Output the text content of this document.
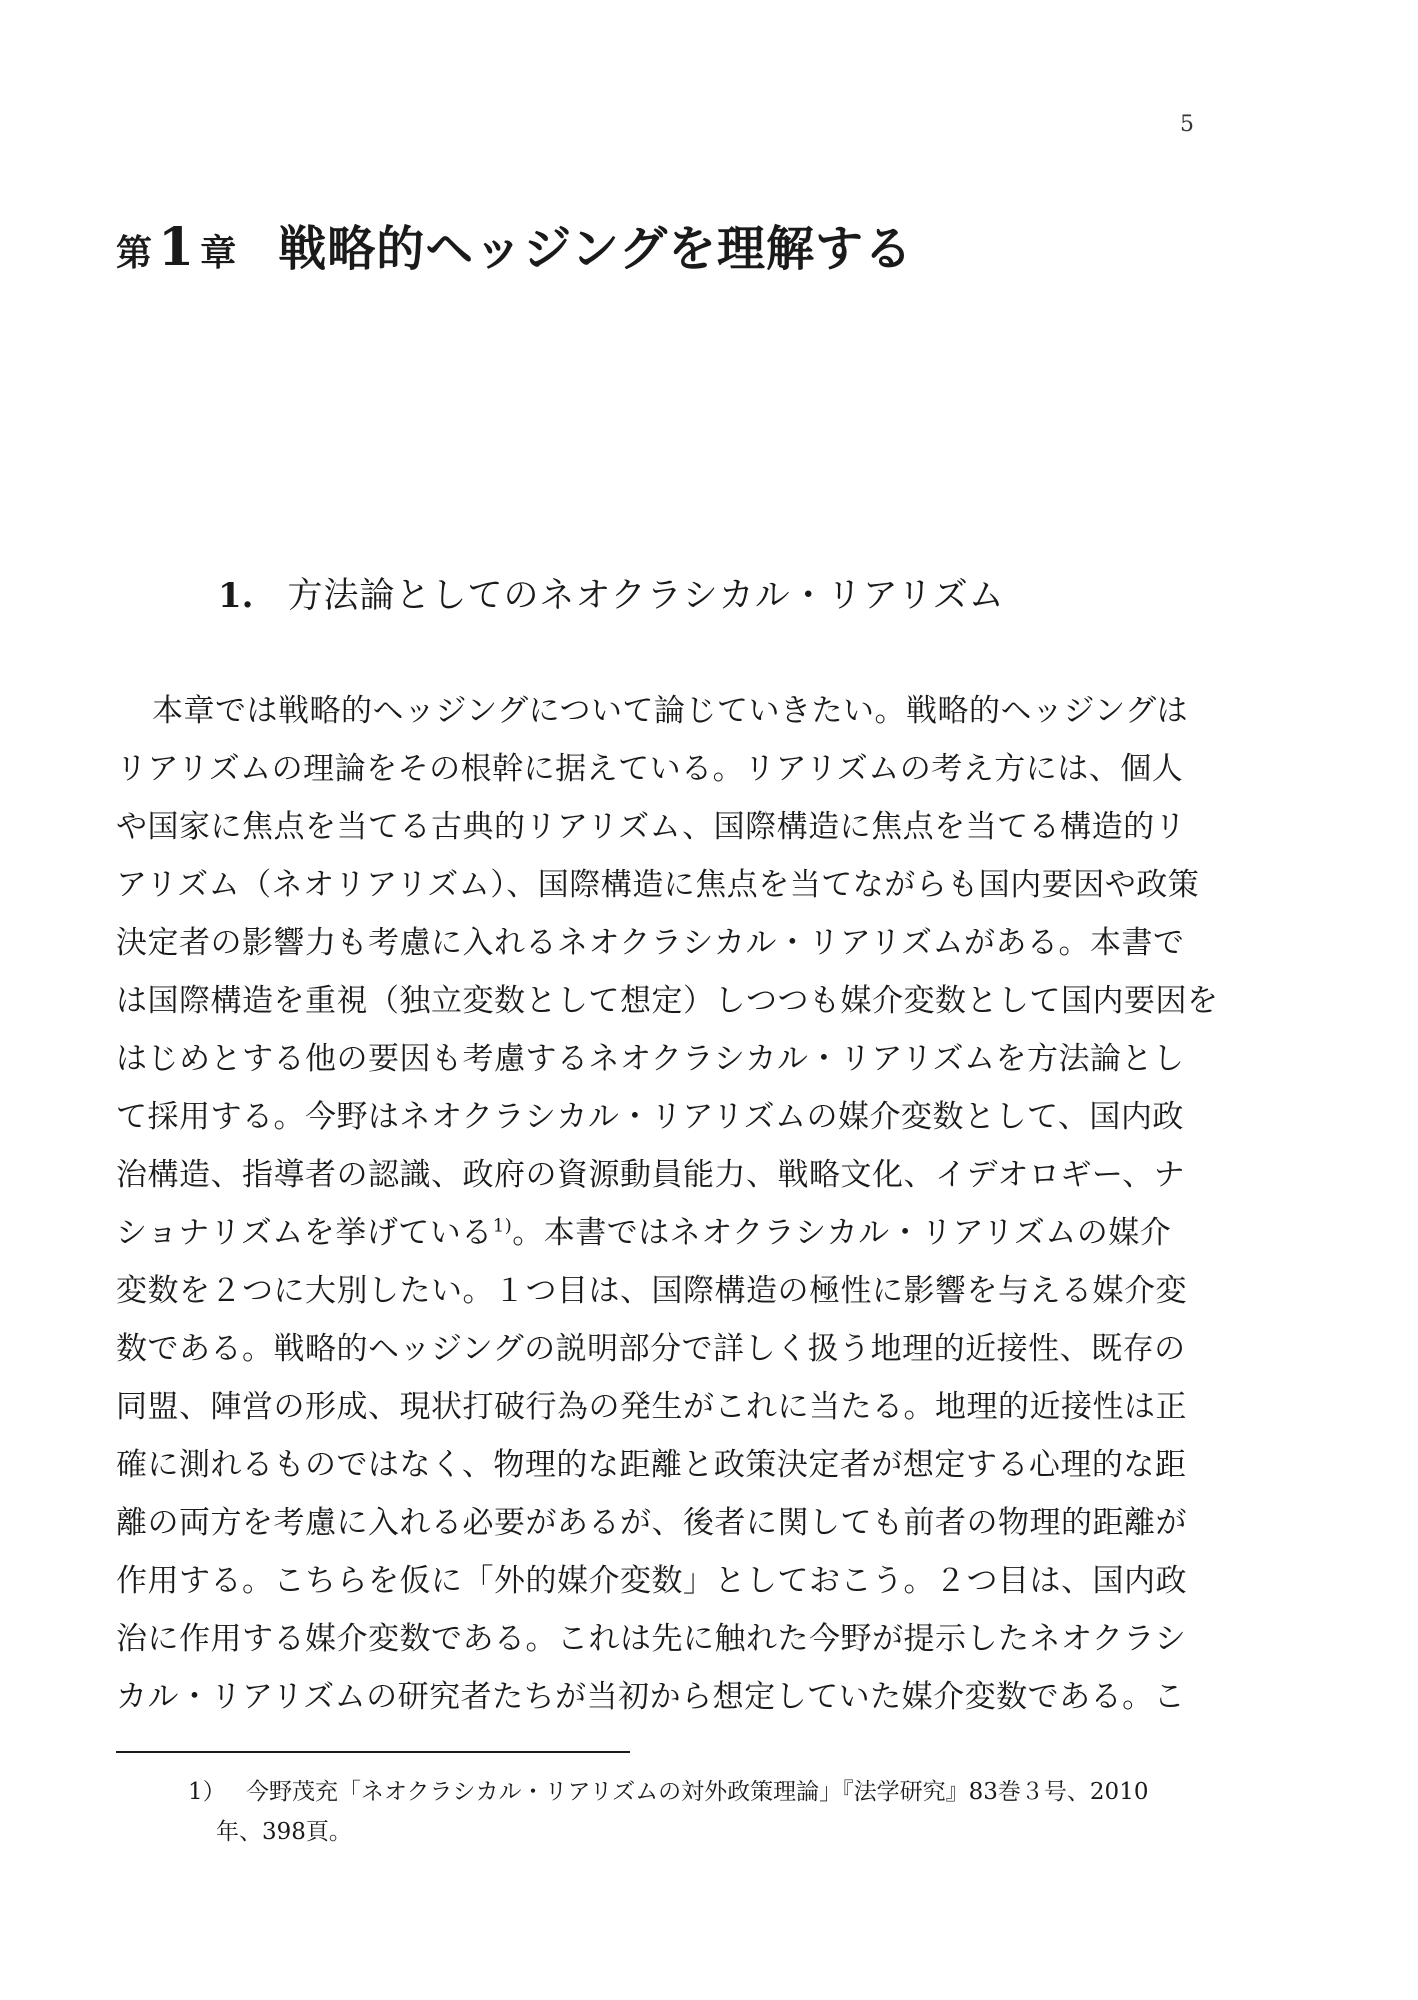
5
第 1 章 戦略的ヘッジングを理解する
1. 方法論としてのネオクラシカル・リアリズム
本章では戦略的ヘッジングについて論じていきたい。戦略的ヘッジングは
リアリズムの理論をその根幹に据えている。リアリズムの考え方には、個人
や国家に焦点を当てる古典的リアリズム、国際構造に焦点を当てる構造的リ
アリズム（ネオリアリズム）、国際構造に焦点を当てながらも国内要因や政策
決定者の影響力も考慮に入れるネオクラシカル・リアリズムがある。本書で
は国際構造を重視（独立変数として想定）しつつも媒介変数として国内要因を
はじめとする他の要因も考慮するネオクラシカル・リアリズムを方法論とし
て採用する。今野はネオクラシカル・リアリズムの媒介変数として、国内政
治構造、指導者の認識、政府の資源動員能力、戦略文化、イデオロギー、ナ
ショナリズムを挙げている$^{1)}$。本書ではネオクラシカル・リアリズムの媒介
変数を２つに大別したい。１つ目は、国際構造の極性に影響を与える媒介変
数である。戦略的ヘッジングの説明部分で詳しく扱う地理的近接性、既存の
同盟、陣営の形成、現状打破行為の発生がこれに当たる。地理的近接性は正
確に測れるものではなく、物理的な距離と政策決定者が想定する心理的な距
離の両方を考慮に入れる必要があるが、後者に関しても前者の物理的距離が
作用する。こちらを仮に「外的媒介変数」としておこう。２つ目は、国内政
治に作用する媒介変数である。これは先に触れた今野が提示したネオクラシ
カル・リアリズムの研究者たちが当初から想定していた媒介変数である。こ
1） 今野茂充「ネオクラシカル・リアリズムの対外政策理論」『法学研究』83巻３号、2010
年、398頁。
